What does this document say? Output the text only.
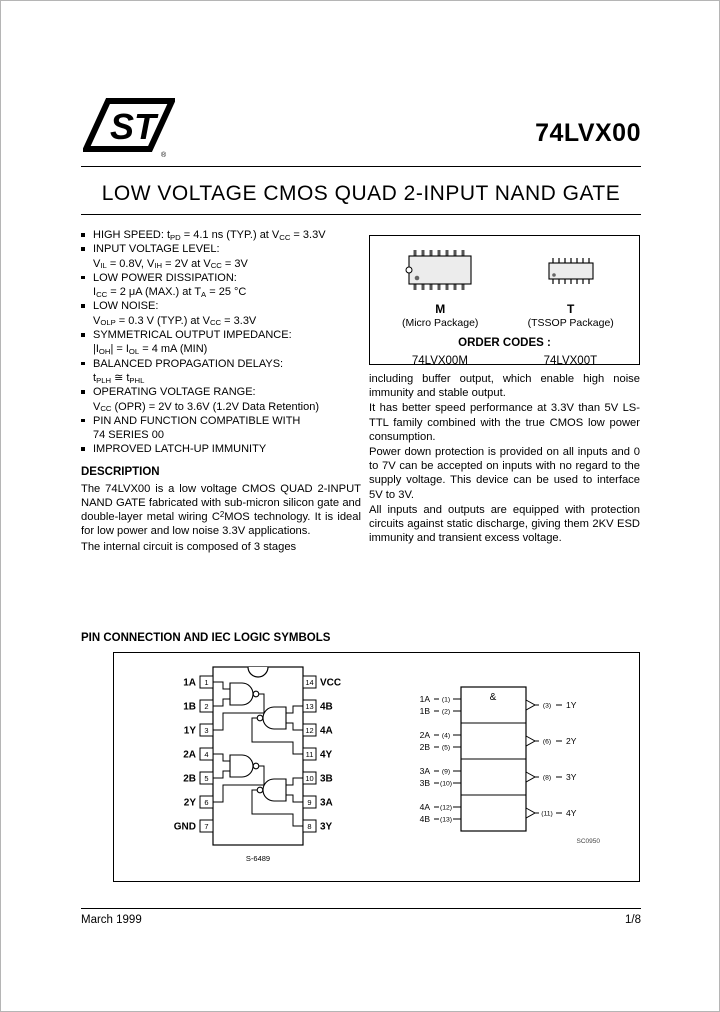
ST
®
74LVX00
LOW VOLTAGE CMOS QUAD 2-INPUT NAND GATE
HIGH SPEED: $t_{PD} = 4.1$ ns (TYP.) at $V_{CC} = 3.3V$
INPUT VOLTAGE LEVEL:
$V_{IL} = 0.8V$, $V_{IH} = 2V$ at $V_{CC} = 3V$
LOW POWER DISSIPATION:
$I_{CC} = 2$ μA (MAX.) at $T_A = 25$ °C
LOW NOISE:
$V_{OLP} = 0.3$ V (TYP.) at $V_{CC} = 3.3V$
SYMMETRICAL OUTPUT IMPEDANCE:
$|I_{OH}| = I_{OL} = 4$ mA (MIN)
BALANCED PROPAGATION DELAYS:
$t_{PLH}$ ≅ $t_{PHL}$
OPERATING VOLTAGE RANGE:
$V_{CC}$ (OPR) = 2V to 3.6V (1.2V Data Retention)
PIN AND FUNCTION COMPATIBLE WITH
74 SERIES 00
IMPROVED LATCH-UP IMMUNITY
DESCRIPTION

The 74LVX00 is a low voltage CMOS QUAD 2-INPUT NAND GATE fabricated with sub-micron silicon gate and double-layer metal wiring $C^2MOS$ technology. It is ideal for low power and low noise 3.3V applications.

The internal circuit is composed of 3 stages

M
(Micro Package)
T
(TSSOP Package)
ORDER CODES :
74LVX00M	74LVX00T

including buffer output, which enable high noise immunity and stable output.

It has better speed performance at 3.3V than 5V LS-TTL family combined with the true CMOS low power consumption.

Power down protection is provided on all inputs and 0 to 7V can be accepted on inputs with no regard to the supply voltage. This device can be used to interface 5V to 3V.

All inputs and outputs are equipped with protection circuits against static discharge, giving them 2KV ESD immunity and transient excess voltage.

PIN CONNECTION AND IEC LOGIC SYMBOLS
1
2
3
4
5
6
7
1A
1B
1Y
2A
2B
2Y
GND
14
13
12
11
10
9
8
VCC
4B
4A
4Y
3B
3A
3Y
S-6489
&
1A
1B
2A
2B
3A
3B
4A
4B
(1)
(2)
(4)
(5)
(9)
(10)
(12)
(13)
(3)
(6)
(8)
(11)
1Y
2Y
3Y
4Y
SC0950
March 1999	1/8
